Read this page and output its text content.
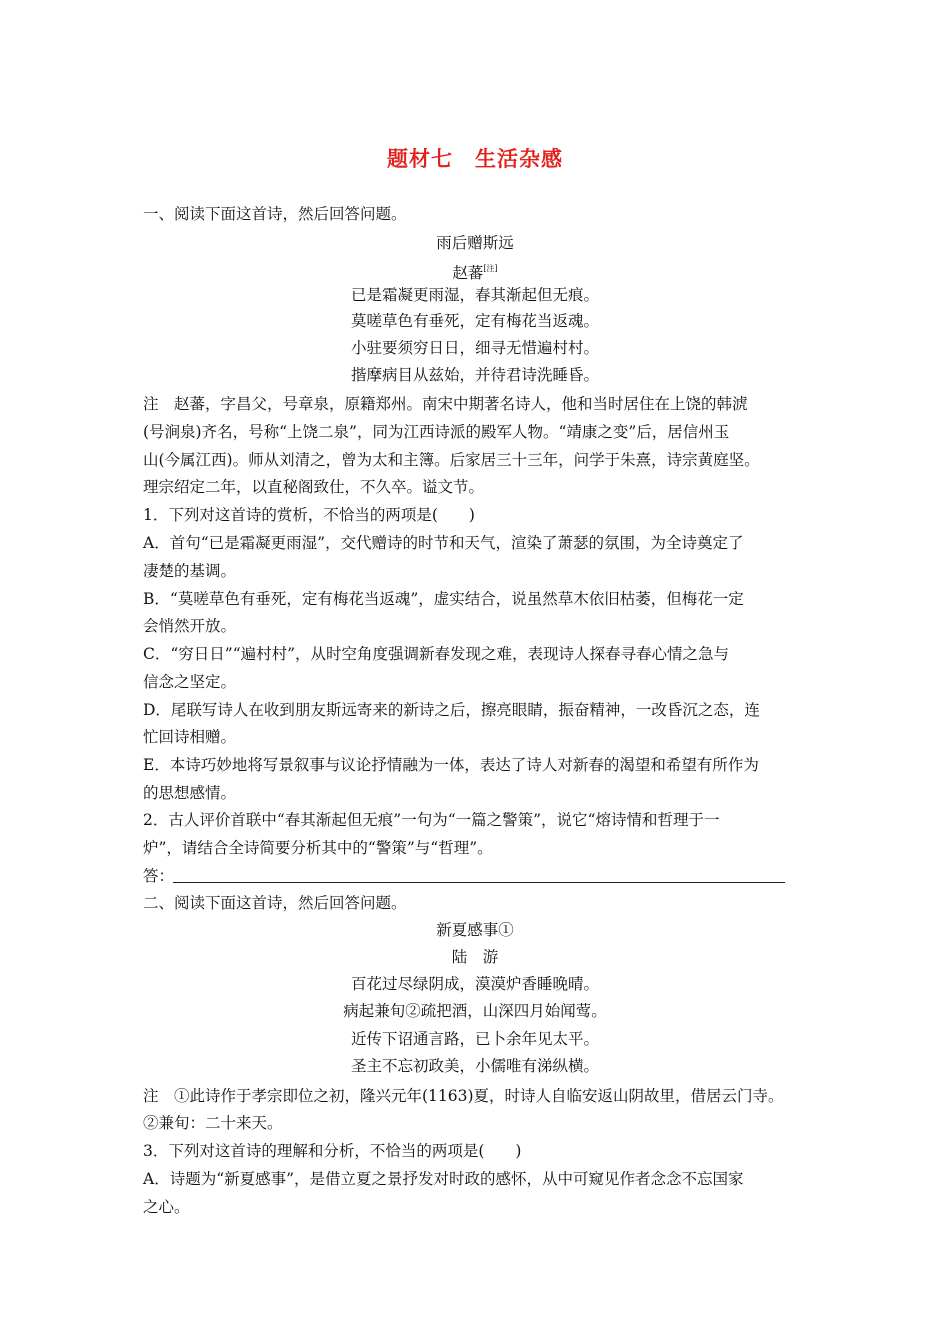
题材七　生活杂感
一、阅读下面这首诗，然后回答问题。
雨后赠斯远
赵蕃[注]
已是霜凝更雨湿，春其渐起但无痕。
莫嗟草色有垂死，定有梅花当返魂。
小驻要须穷日日，细寻无惜遍村村。
揩摩病目从兹始，并待君诗洗睡昏。
注　赵蕃，字昌父，号章泉，原籍郑州。南宋中期著名诗人，他和当时居住在上饶的韩淲
(号涧泉)齐名，号称“上饶二泉”，同为江西诗派的殿军人物。“靖康之变”后，居信州玉
山(今属江西)。师从刘清之，曾为太和主簿。后家居三十三年，问学于朱熹，诗宗黄庭坚。
理宗绍定二年，以直秘阁致仕，不久卒。谥文节。
1．下列对这首诗的赏析，不恰当的两项是(　　)
A．首句“已是霜凝更雨湿”，交代赠诗的时节和天气，渲染了萧瑟的氛围，为全诗奠定了
凄楚的基调。
B．“莫嗟草色有垂死，定有梅花当返魂”，虚实结合，说虽然草木依旧枯萎，但梅花一定
会悄然开放。
C．“穷日日”“遍村村”，从时空角度强调新春发现之难，表现诗人探春寻春心情之急与
信念之坚定。
D．尾联写诗人在收到朋友斯远寄来的新诗之后，擦亮眼睛，振奋精神，一改昏沉之态，连
忙回诗相赠。
E．本诗巧妙地将写景叙事与议论抒情融为一体，表达了诗人对新春的渴望和希望有所作为
的思想感情。
2．古人评价首联中“春其渐起但无痕”一句为“一篇之警策”，说它“熔诗情和哲理于一
炉”，请结合全诗简要分析其中的“警策”与“哲理”。
答：
二、阅读下面这首诗，然后回答问题。
新夏感事①
陆　游
百花过尽绿阴成，漠漠炉香睡晚晴。
病起兼旬②疏把酒，山深四月始闻莺。
近传下诏通言路，已卜余年见太平。
圣主不忘初政美，小儒唯有涕纵横。
注　①此诗作于孝宗即位之初，隆兴元年(1163)夏，时诗人自临安返山阴故里，借居云门寺。
②兼旬：二十来天。
3．下列对这首诗的理解和分析，不恰当的两项是(　　)
A．诗题为“新夏感事”，是借立夏之景抒发对时政的感怀，从中可窥见作者念念不忘国家
之心。
